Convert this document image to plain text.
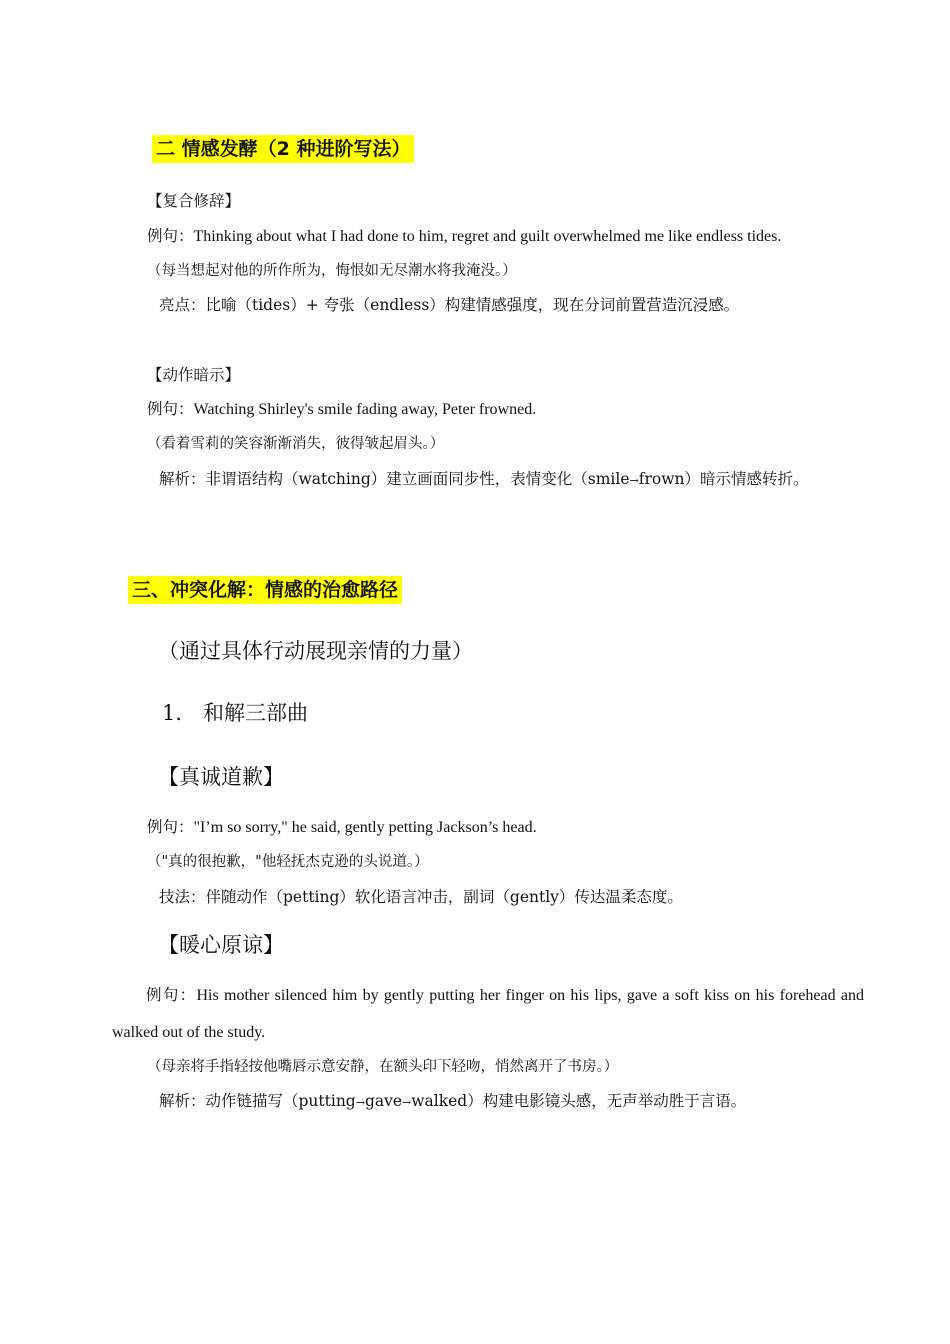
二 情感发酵（2 种进阶写法）
【复合修辞】
例句：Thinking about what I had done to him, regret and guilt overwhelmed me like endless tides.
（每当想起对他的所作所为，悔恨如无尽潮水将我淹没。）
亮点：比喻（tides）+ 夸张（endless）构建情感强度，现在分词前置营造沉浸感。
【动作暗示】
例句：Watching Shirley's smile fading away, Peter frowned.
（看着雪莉的笑容渐渐消失，彼得皱起眉头。）
解析：非谓语结构（watching）建立画面同步性，表情变化（smile→frown）暗示情感转折。
三、冲突化解：情感的治愈路径
（通过具体行动展现亲情的力量）
1． 和解三部曲
【真诚道歉】
例句："I’m so sorry," he said, gently petting Jackson’s head.
（"真的很抱歉，"他轻抚杰克逊的头说道。）
技法：伴随动作（petting）软化语言冲击，副词（gently）传达温柔态度。
【暖心原谅】
例句：His mother silenced him by gently putting her finger on his lips, gave a soft kiss on his forehead and walked out of the study.
（母亲将手指轻按他嘴唇示意安静，在额头印下轻吻，悄然离开了书房。）
解析：动作链描写（putting→gave→walked）构建电影镜头感，无声举动胜于言语。
